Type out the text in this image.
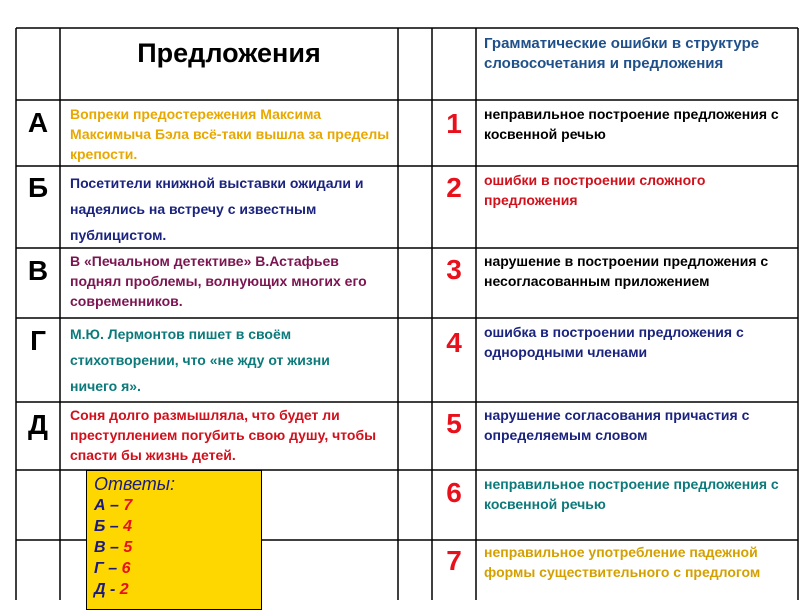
Предложения	Грамматические ошибки в структуре словосочетания и предложения
А
Б
В
Г
Д
Вопреки предостережения Максима Максимыча Бэла всё-таки вышла за пределы крепости.
Посетители книжной выставки ожидали и надеялись на встречу с известным публицистом.
В «Печальном детективе» В.Астафьев поднял проблемы, волнующих многих его современников.
М.Ю. Лермонтов пишет в своём стихотворении, что «не жду от жизни ничего я».
Соня долго размышляла, что будет ли преступлением погубить свою душу, чтобы спасти бы жизнь детей.
1
2
3
4
5
6
7
неправильное построение предложения с косвенной речью
ошибки в построении сложного предложения
нарушение в построении предложения с несогласованным приложением
ошибка в построении предложения с однородными членами
нарушение согласования причастия с определяемым словом
неправильное построение предложения с косвенной речью
неправильное употребление падежной формы существительного с предлогом
Ответы:
А – 7
Б – 4
В – 5
Г – 6
Д - 2
